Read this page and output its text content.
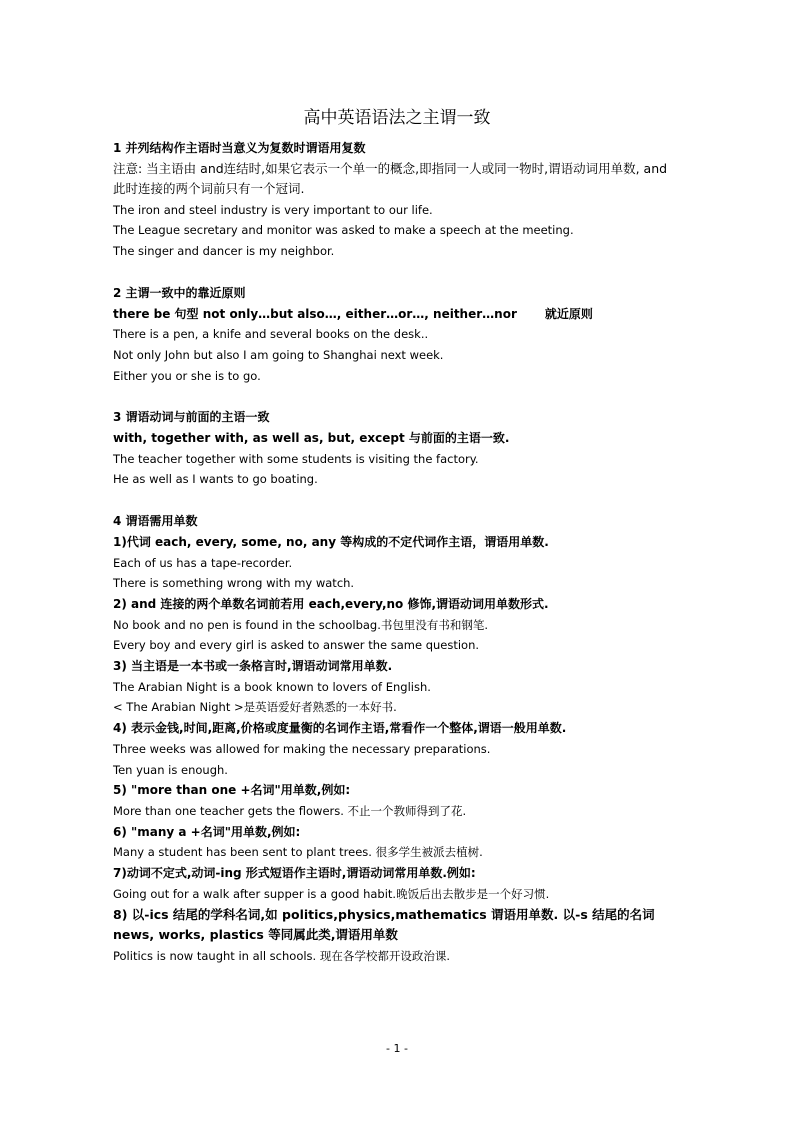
高中英语语法之主谓一致
1 并列结构作主语时当意义为复数时谓语用复数
注意: 当主语由 and连结时,如果它表示一个单一的概念,即指同一人或同一物时,谓语动词用单数, and 此时连接的两个词前只有一个冠词.
The iron and steel industry is very important to our life.
The League secretary and monitor was asked to make a speech at the meeting.
The singer and dancer is my neighbor.
2 主谓一致中的靠近原则
there be 句型 not only…but also…, either…or…, neither…nor 就近原则
There is a pen, a knife and several books on the desk..
Not only John but also I am going to Shanghai next week.
Either you or she is to go.
3 谓语动词与前面的主语一致
with, together with, as well as, but, except 与前面的主语一致.
The teacher together with some students is visiting the factory.
He as well as I wants to go boating.
4 谓语需用单数
1)代词 each, every, some, no, any 等构成的不定代词作主语，谓语用单数.
Each of us has a tape-recorder.
There is something wrong with my watch.
2) and 连接的两个单数名词前若用 each,every,no 修饰,谓语动词用单数形式.
No book and no pen is found in the schoolbag.书包里没有书和钢笔.
Every boy and every girl is asked to answer the same question.
3) 当主语是一本书或一条格言时,谓语动词常用单数.
The Arabian Night is a book known to lovers of English.
< The Arabian Night >是英语爱好者熟悉的一本好书.
4) 表示金钱,时间,距离,价格或度量衡的名词作主语,常看作一个整体,谓语一般用单数.
Three weeks was allowed for making the necessary preparations.
Ten yuan is enough.
5) "more than one +名词"用单数,例如:
More than one teacher gets the flowers. 不止一个教师得到了花.
6) "many a +名词"用单数,例如:
Many a student has been sent to plant trees. 很多学生被派去植树.
7)动词不定式,动词-ing 形式短语作主语时,谓语动词常用单数.例如:
Going out for a walk after supper is a good habit.晚饭后出去散步是一个好习惯.
8) 以-ics 结尾的学科名词,如 politics,physics,mathematics 谓语用单数. 以-s 结尾的名词 news, works, plastics 等同属此类,谓语用单数
Politics is now taught in all schools. 现在各学校都开设政治课.
- 1 -
